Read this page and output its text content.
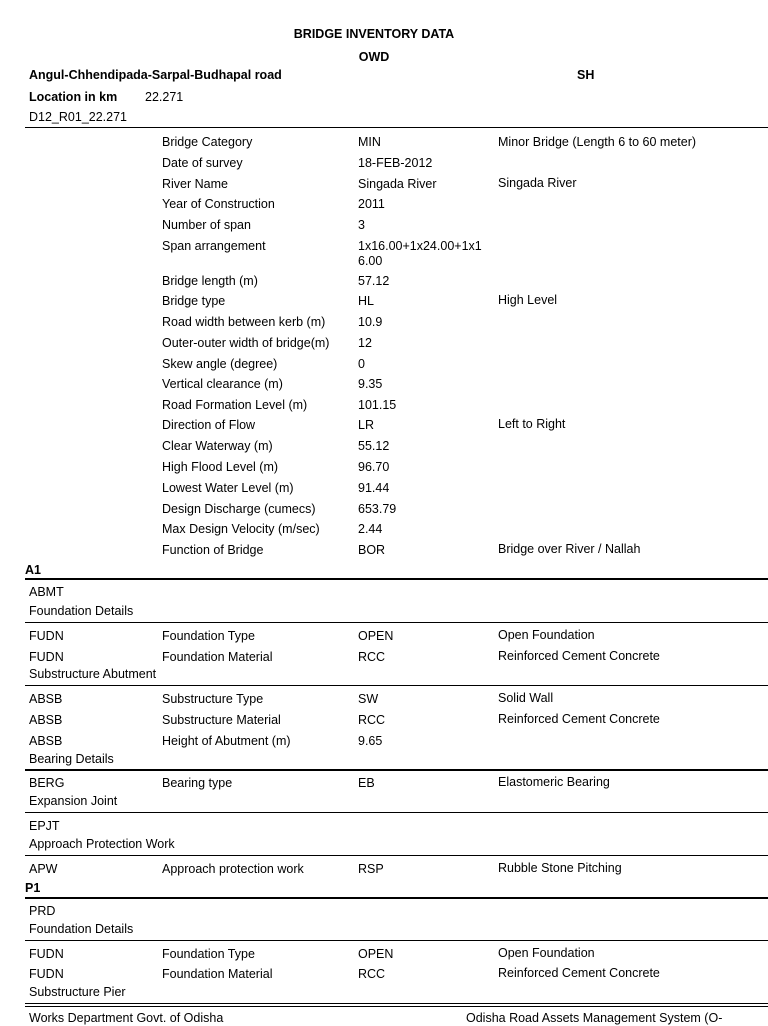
BRIDGE INVENTORY DATA
OWD
Angul-Chhendipada-Sarpal-Budhapal road	SH
Location in km 22.271
D12_R01_22.271
Bridge Category	MIN	Minor Bridge (Length 6 to 60 meter)
Date of survey	18-FEB-2012
River Name	Singada River	Singada River
Year of Construction	2011
Number of span	3
Span arrangement	1x16.00+1x24.00+1x16.00
Bridge length (m)	57.12
Bridge type	HL	High Level
Road width between kerb (m)	10.9
Outer-outer width of bridge(m) 12
Skew angle (degree)	0
Vertical clearance (m)	9.35
Road Formation Level (m)	101.15
Direction of Flow	LR	Left to Right
Clear Waterway (m)	55.12
High Flood Level (m)	96.70
Lowest Water Level (m)	91.44
Design Discharge (cumecs)	653.79
Max Design Velocity (m/sec)	2.44
Function of Bridge	BOR	Bridge over River / Nallah
A1
ABMT
Foundation Details
FUDN	Foundation Type	OPEN	Open Foundation
FUDN	Foundation Material	RCC	Reinforced Cement Concrete
Substructure Abutment
ABSB	Substructure Type	SW	Solid Wall
ABSB	Substructure Material	RCC	Reinforced Cement Concrete
ABSB	Height of Abutment (m)	9.65
Bearing Details
BERG	Bearing type	EB	Elastomeric Bearing
Expansion Joint
EPJT
Approach Protection Work
APW	Approach protection work	RSP	Rubble Stone Pitching
P1
PRD
Foundation Details
FUDN	Foundation Type	OPEN	Open Foundation
FUDN	Foundation Material	RCC	Reinforced Cement Concrete
Substructure Pier
Works Department Govt. of Odisha	Odisha Road Assets Management System (O-
